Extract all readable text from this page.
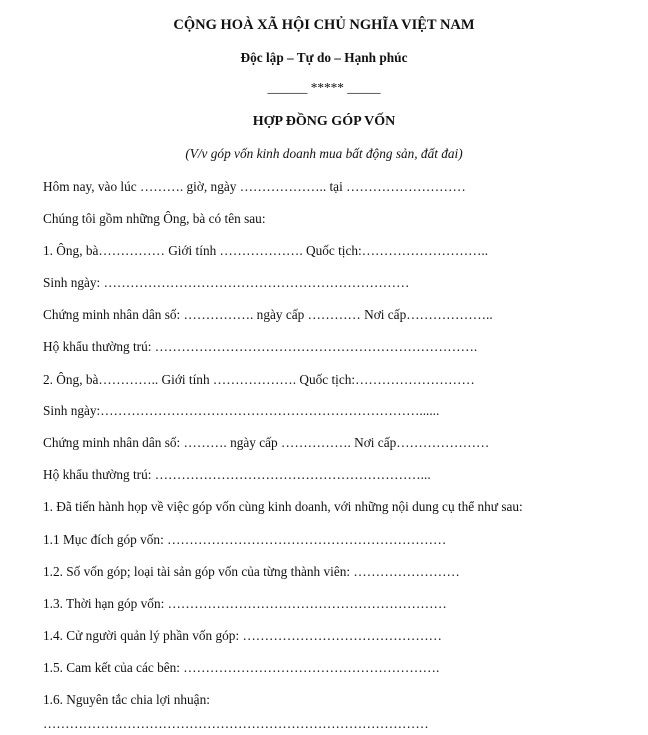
CỘNG HOÀ XÃ HỘI CHỦ NGHĨA VIỆT NAM
Độc lập – Tự do – Hạnh phúc
______ ***** _____
HỢP ĐỒNG GÓP VỐN
(V/v góp vốn kinh doanh mua bất động sản, đất đai)
Hôm nay, vào lúc ………. giờ, ngày ……………….. tại ………………………
Chúng tôi gồm những Ông, bà có tên sau:
1. Ông, bà…………… Giới tính ………………. Quốc tịch:………………………..
Sinh ngày: ……………………………………………………………
Chứng minh nhân dân số: ……………. ngày cấp ………… Nơi cấp………………..
Hộ khẩu thường trú: ……………………………………………………………….
2. Ông, bà………….. Giới tính ………………. Quốc tịch:………………………
Sinh ngày:………………………………………………………………......
Chứng minh nhân dân số: ………. ngày cấp ……………. Nơi cấp…………………
Hộ khẩu thường trú: ……………………………………………………...
1. Đã tiến hành họp về việc góp vốn cùng kinh doanh, với những nội dung cụ thể như sau:
1.1 Mục đích góp vốn: ………………………………………………………
1.2. Số vốn góp; loại tài sản góp vốn của từng thành viên: ……………………
1.3. Thời hạn góp vốn: ………………………………………………………
1.4. Cử người quản lý phần vốn góp: ………………………………………
1.5. Cam kết của các bên: ………………………………………………….
1.6. Nguyên tắc chia lợi nhuận:
……………………………………………………………………………
